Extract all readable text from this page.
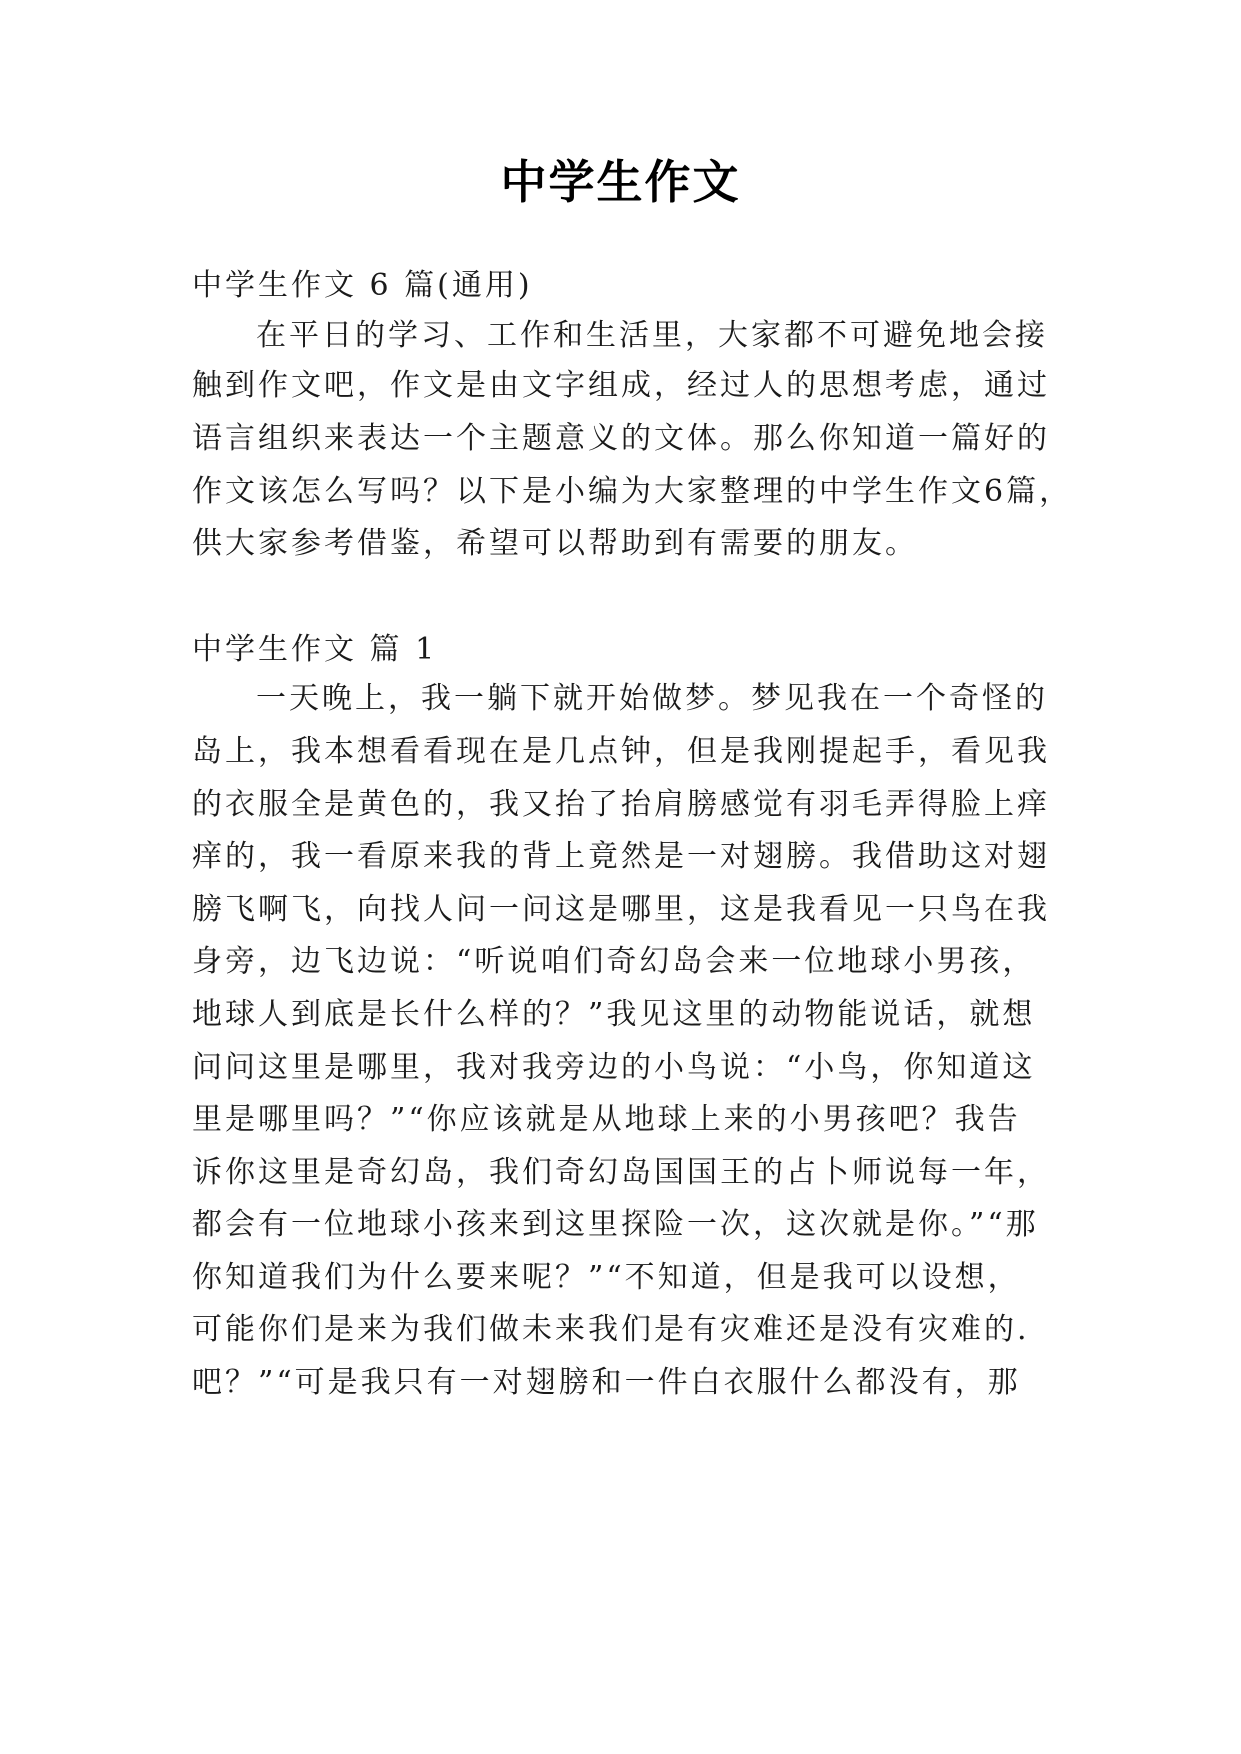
中学生作文
中学生作文 6 篇(通用)
在平日的学习、工作和生活里，大家都不可避免地会接
触到作文吧，作文是由文字组成，经过人的思想考虑，通过
语言组织来表达一个主题意义的文体。那么你知道一篇好的
作文该怎么写吗？以下是小编为大家整理的中学生作文6篇，
供大家参考借鉴，希望可以帮助到有需要的朋友。
中学生作文 篇 1
一天晚上，我一躺下就开始做梦。梦见我在一个奇怪的
岛上，我本想看看现在是几点钟，但是我刚提起手，看见我
的衣服全是黄色的，我又抬了抬肩膀感觉有羽毛弄得脸上痒
痒的，我一看原来我的背上竟然是一对翅膀。我借助这对翅
膀飞啊飞，向找人问一问这是哪里，这是我看见一只鸟在我
身旁，边飞边说：“听说咱们奇幻岛会来一位地球小男孩，
地球人到底是长什么样的？”我见这里的动物能说话，就想
问问这里是哪里，我对我旁边的小鸟说：“小鸟，你知道这
里是哪里吗？”“你应该就是从地球上来的小男孩吧？我告
诉你这里是奇幻岛，我们奇幻岛国国王的占卜师说每一年，
都会有一位地球小孩来到这里探险一次，这次就是你。”“那
你知道我们为什么要来呢？”“不知道，但是我可以设想，
可能你们是来为我们做未来我们是有灾难还是没有灾难的.
吧？”“可是我只有一对翅膀和一件白衣服什么都没有，那
